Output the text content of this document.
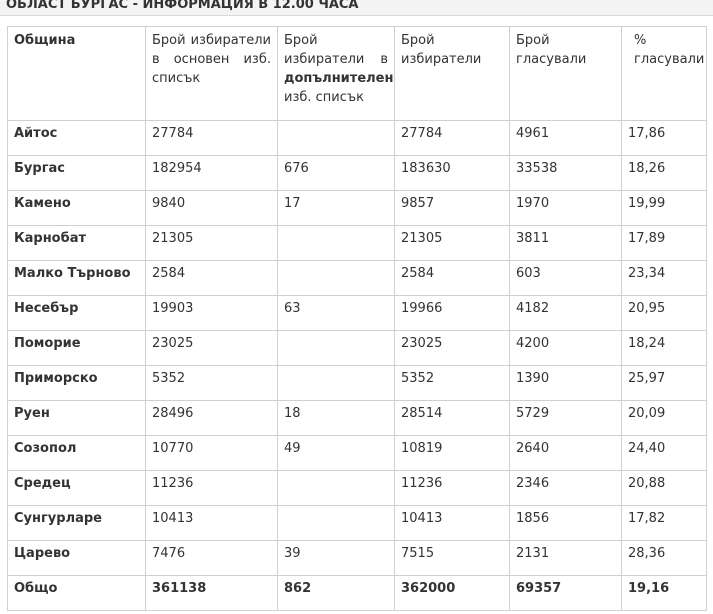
ОБЛАСТ БУРГАС - ИНФОРМАЦИЯ В 12.00 ЧАСА
Община	Брой избиратели в основен изб. списък	Брой избиратели в допълнителен изб. списък	Брой избиратели	Брой гласували	% гласували
Айтос	27784		27784	4961	17,86
Бургас	182954	676	183630	33538	18,26
Камено	9840	17	9857	1970	19,99
Карнобат	21305		21305	3811	17,89
Малко Търново	2584		2584	603	23,34
Несебър	19903	63	19966	4182	20,95
Поморие	23025		23025	4200	18,24
Приморско	5352		5352	1390	25,97
Руен	28496	18	28514	5729	20,09
Созопол	10770	49	10819	2640	24,40
Средец	11236		11236	2346	20,88
Сунгурларе	10413		10413	1856	17,82
Царево	7476	39	7515	2131	28,36
Общо	361138	862	362000	69357	19,16
